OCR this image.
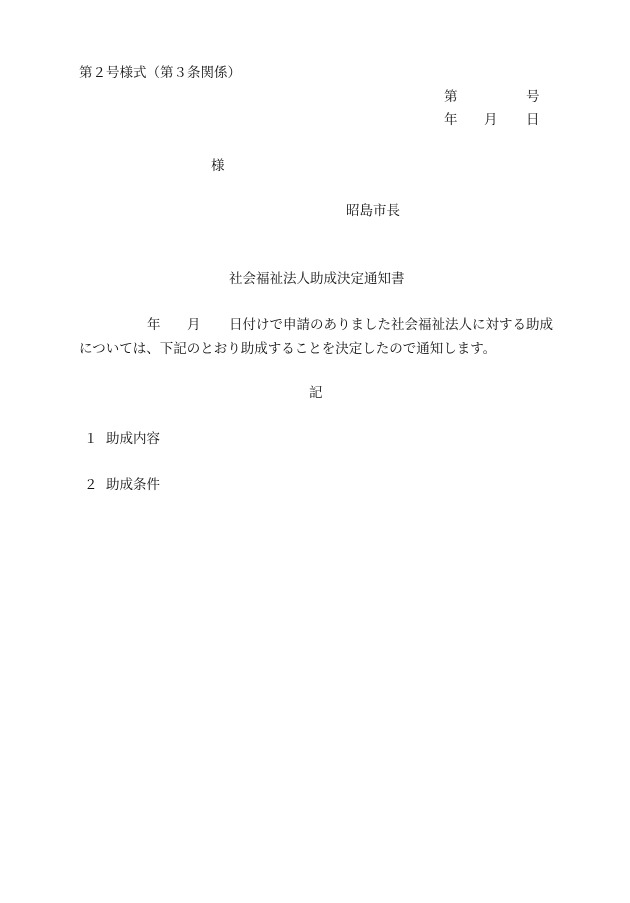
第２号様式（第３条関係）
第	号
年 月 日
様
昭島市長
社会福祉法人助成決定通知書
年 月 日付けで申請のありました社会福祉法人に対する助成
については、下記のとおり助成することを決定したので通知します。
記
１ 助成内容
２ 助成条件
